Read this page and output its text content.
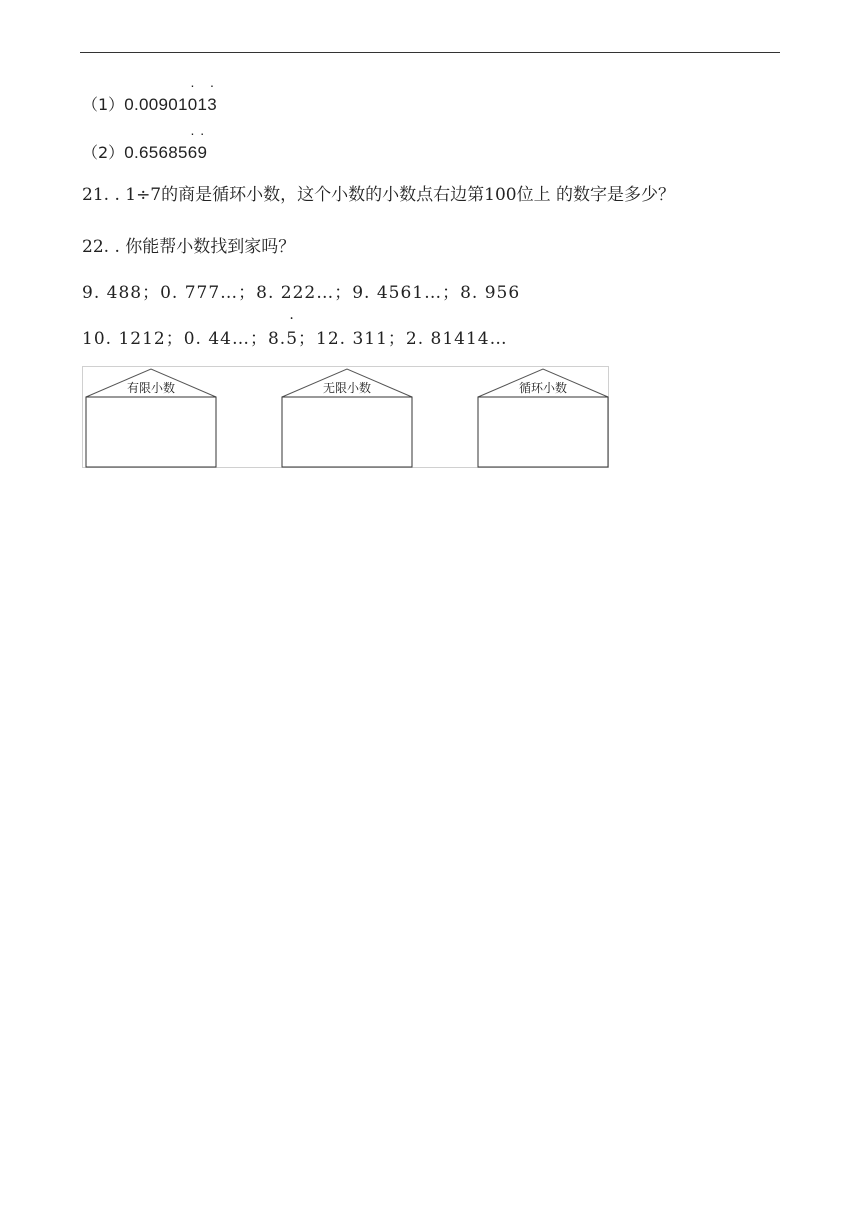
（1）0.00901· 01· 3
（2）0.65685· 6· 9
21. . 1÷7的商是循环小数，这个小数的小数点右边第100位上 的数字是多少？
22. . 你能帮小数找到家吗？
9. 488；0. 777…；8. 222…；9. 4561…；8. 956
10. 1212；0. 44…；8.· 5；12. 311；2. 81414…
有限小数	无限小数	循环小数
